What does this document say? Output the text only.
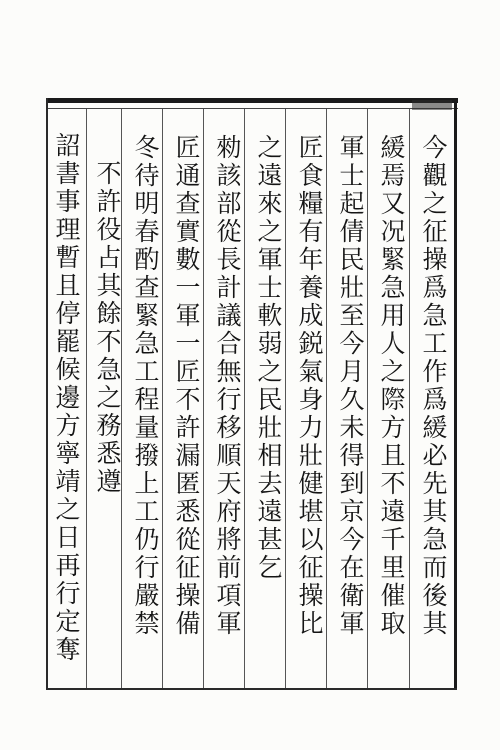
今觀之征操爲急工作爲緩必先其急而後其
緩焉又况緊急用人之際方且不遠千里催取
軍士起倩民壯至今月久未得到京今在衛軍
匠食糧有年養成鋭氣身力壯健堪以征操比
之遠來之軍士軟弱之民壯相去遠甚乞
勑該部從長計議合無行移順天府將前項軍
匠通查實數一軍一匠不許漏匿悉從征操備
冬待明春酌查緊急工程量撥上工仍行嚴禁
不許役占其餘不急之務悉遵
詔書事理暫且停罷候邊方寧靖之日再行定奪
